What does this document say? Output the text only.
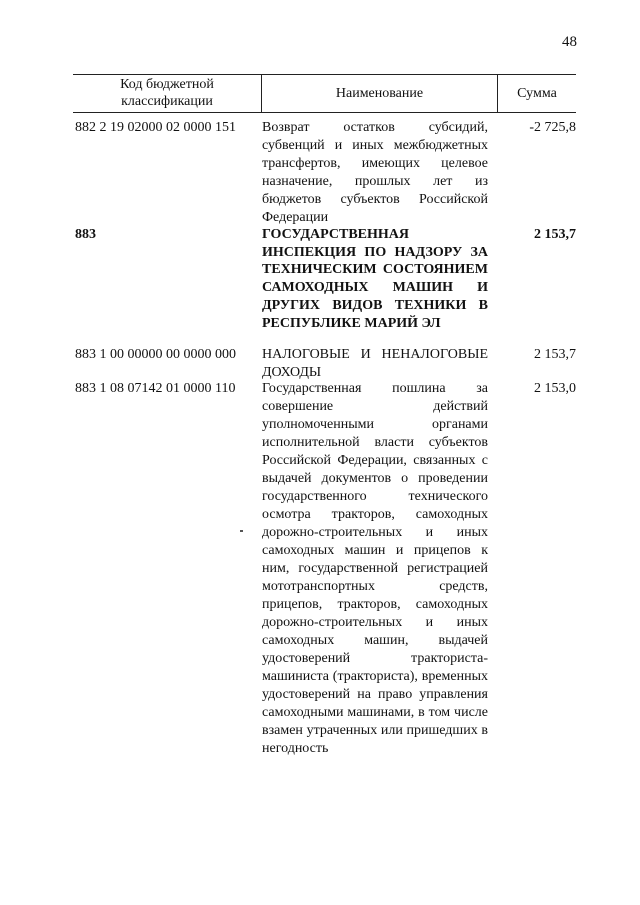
48
Код бюджетной классификации
Наименование	Сумма
882 2 19 02000 02 0000 151 Возврат остатков субсидий, субвенций и иных межбюджетных трансфертов, имеющих целевое назначение, прошлых лет из бюджетов субъектов Российской Федерации
-2 725,8
883	ГОСУДАРСТВЕННАЯ ИНСПЕКЦИЯ ПО НАДЗОРУ ЗА ТЕХНИЧЕСКИМ СОСТОЯНИЕМ САМОХОДНЫХ МАШИН И ДРУГИХ ВИДОВ ТЕХНИКИ В РЕСПУБЛИКЕ МАРИЙ ЭЛ
2 153,7
883 1 00 00000 00 0000 000 НАЛОГОВЫЕ И НЕНАЛОГОВЫЕ ДОХОДЫ
2 153,7
883 1 08 07142 01 0000 110 Государственная пошлина за совершение действий уполномоченными органами исполнительной власти субъектов Российской Федерации, связанных с выдачей документов о проведении государственного технического осмотра тракторов, самоходных дорожно-строительных и иных самоходных машин и прицепов к ним, государственной регистрацией мототранспортных средств, прицепов, тракторов, самоходных дорожно-строительных и иных самоходных машин, выдачей удостоверений тракториста-машиниста (тракториста), временных удостоверений на право управления самоходными машинами, в том числе взамен утраченных или пришедших в негодность
2 153,0
